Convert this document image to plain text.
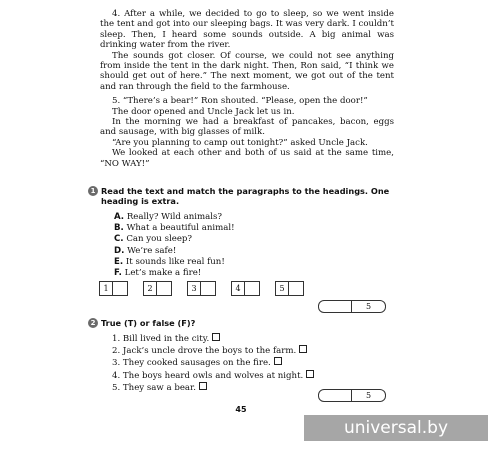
4. After a while, we decided to go to sleep, so we went inside the tent and got into our sleeping bags. It was very dark. I couldn’t sleep. Then, I heard some sounds outside. A big animal was drinking water from the river.

The sounds got closer. Of course, we could not see anything from inside the tent in the dark night. Then, Ron said, “I think we should get out of here.” The next moment, we got out of the tent and ran through the field to the farmhouse.

5. “There’s a bear!” Ron shouted. “Please, open the door!”

The door opened and Uncle Jack let us in.

In the morning we had a breakfast of pancakes, bacon, eggs and sausage, with big glasses of milk.

“Are you planning to camp out tonight?” asked Uncle Jack.

We looked at each other and both of us said at the same time, “NO WAY!”

1 Read the text and match the paragraphs to the headings. One heading is extra.
A. Really? Wild animals?
B. What a beautiful animal!
C. Can you sleep?
D. We’re safe!
E. It sounds like real fun!
F. Let’s make a fire!
1	2	3	4	5
5
2 True (T) or false (F)?
1. Bill lived in the city.
2. Jack’s uncle drove the boys to the farm.
3. They cooked sausages on the fire.
4. The boys heard owls and wolves at night.
5. They saw a bear.
5
45
universal.by
